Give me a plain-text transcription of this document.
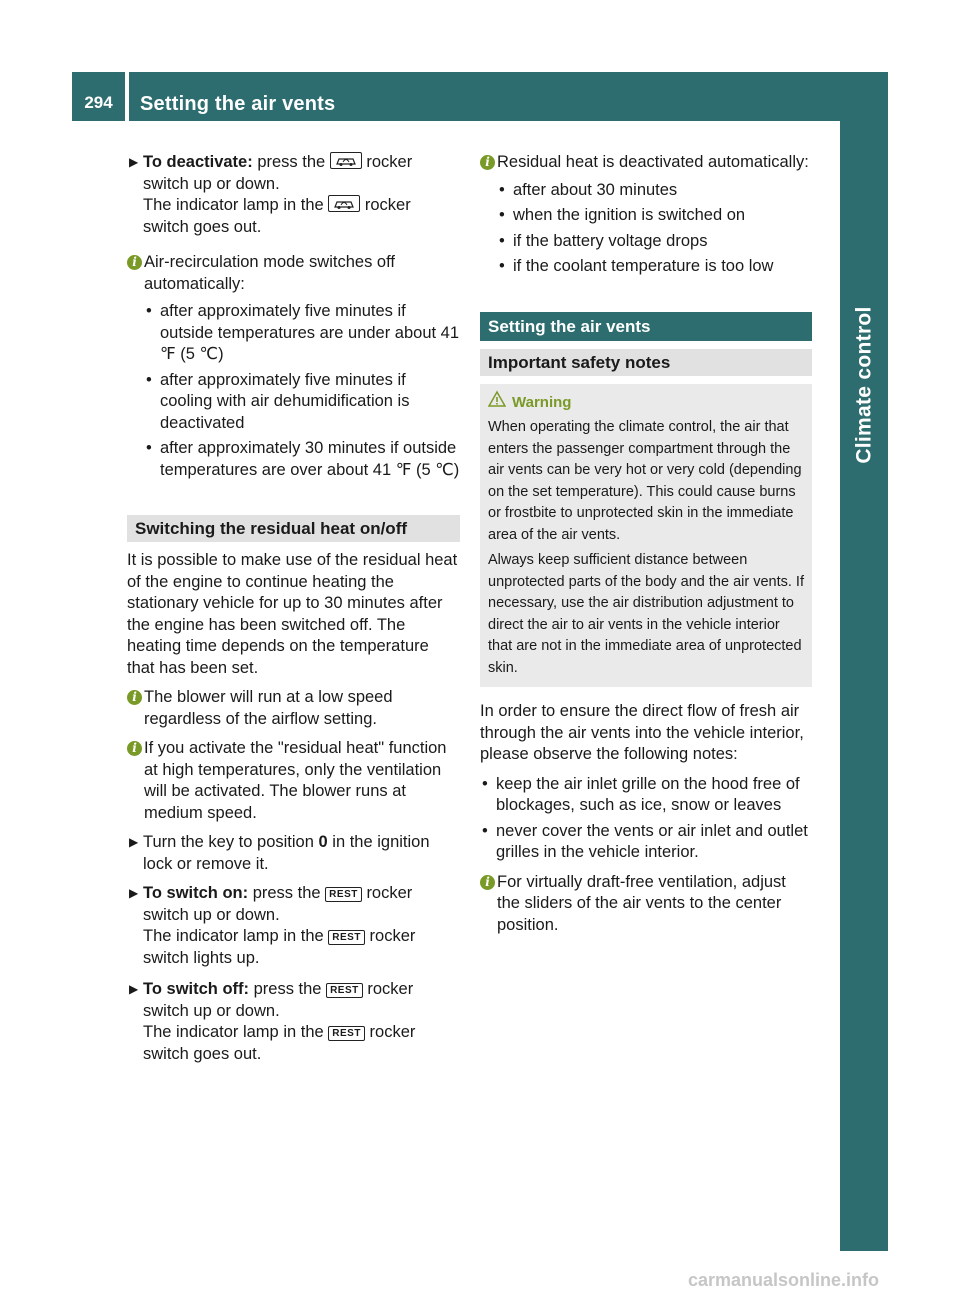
294	Setting the air vents
Climate control
▶ To deactivate: press the rocker switch up or down.
The indicator lamp in the rocker switch goes out.
i Air-recirculation mode switches off automatically:
• after approximately five minutes if outside temperatures are under about 41 ℉ (5 ℃)
• after approximately five minutes if cooling with air dehumidification is deactivated
• after approximately 30 minutes if outside temperatures are over about 41 ℉ (5 ℃)
Switching the residual heat on/off
It is possible to make use of the residual heat of the engine to continue heating the stationary vehicle for up to 30 minutes after the engine has been switched off. The heating time depends on the temperature that has been set.
i The blower will run at a low speed regardless of the airflow setting.
i If you activate the "residual heat" function at high temperatures, only the ventilation will be activated. The blower runs at medium speed.
▶ Turn the key to position 0 in the ignition lock or remove it.
▶ To switch on: press the REST rocker switch up or down.
The indicator lamp in the REST rocker switch lights up.
▶ To switch off: press the REST rocker switch up or down.
The indicator lamp in the REST rocker switch goes out.
i Residual heat is deactivated automatically:
• after about 30 minutes
• when the ignition is switched on
• if the battery voltage drops
• if the coolant temperature is too low
Setting the air vents
Important safety notes
Warning
When operating the climate control, the air that enters the passenger compartment through the air vents can be very hot or very cold (depending on the set temperature). This could cause burns or frostbite to unprotected skin in the immediate area of the air vents.
Always keep sufficient distance between unprotected parts of the body and the air vents. If necessary, use the air distribution adjustment to direct the air to air vents in the vehicle interior that are not in the immediate area of unprotected skin.
In order to ensure the direct flow of fresh air through the air vents into the vehicle interior, please observe the following notes:
• keep the air inlet grille on the hood free of blockages, such as ice, snow or leaves
• never cover the vents or air inlet and outlet grilles in the vehicle interior.
i For virtually draft-free ventilation, adjust the sliders of the air vents to the center position.
carmanualsonline.info
